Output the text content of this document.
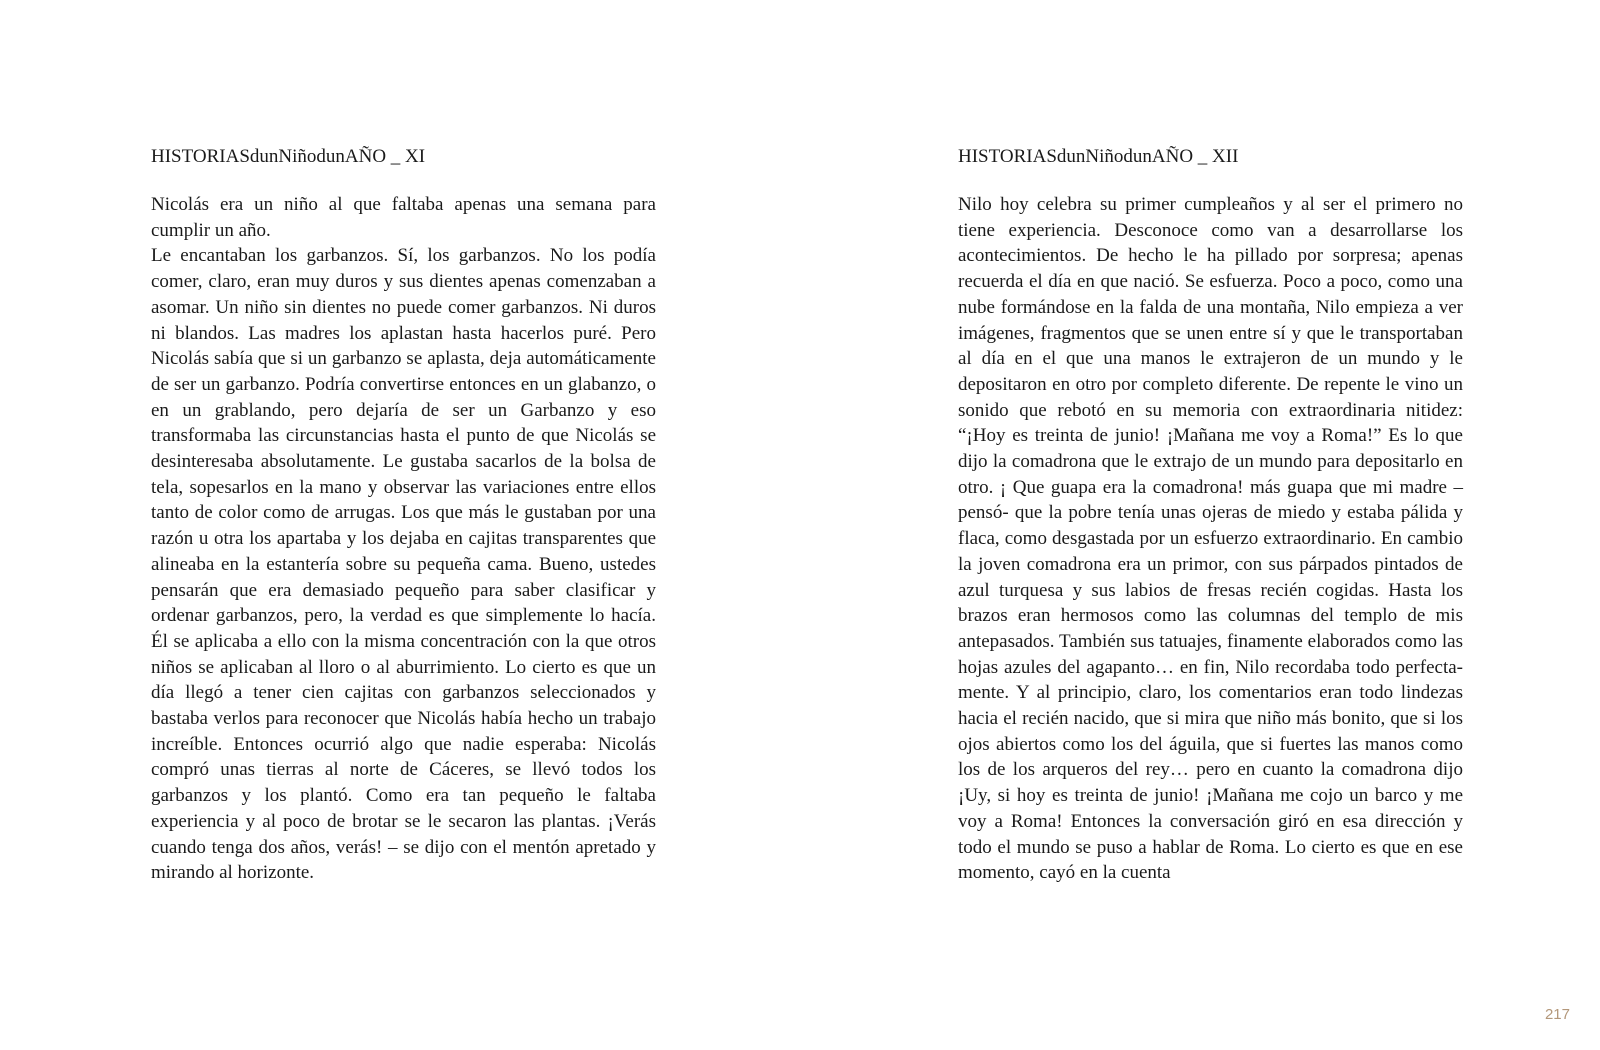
HISTORIASdunNiñodunAÑO _ XI

Nicolás era un niño al que faltaba apenas una semana para cumplir un año.

Le encantaban los garbanzos. Sí, los garbanzos. No los podía comer, claro, eran muy duros y sus dientes apenas comenzaban a asomar. Un niño sin dientes no puede comer garbanzos. Ni duros ni blandos. Las madres los aplastan hasta hacerlos puré. Pero Nicolás sabía que si un garbanzo se aplasta, deja automáticamente de ser un garbanzo. Podría convertirse entonces en un glabanzo, o en un grablando, pero dejaría de ser un Garbanzo y eso transformaba las circunstancias hasta el punto de que Nicolás se desinteresaba absolutamente. Le gustaba sacarlos de la bolsa de tela, sopesarlos en la mano y observar las variaciones entre ellos tanto de color como de arrugas. Los que más le gustaban por una razón u otra los apartaba y los dejaba en cajitas transparentes que alineaba en la estantería sobre su pequeña cama. Bueno, ustedes pensarán que era demasiado pequeño para saber clasificar y ordenar garbanzos, pero, la verdad es que simplemente lo hacía. Él se aplicaba a ello con la misma concentración con la que otros niños se aplicaban al lloro o al aburrimiento. Lo cierto es que un día llegó a tener cien cajitas con garbanzos seleccionados y bastaba verlos para reconocer que Nicolás había hecho un trabajo increíble. Entonces ocurrió algo que nadie esperaba: Nicolás compró unas tierras al norte de Cáceres, se llevó todos los garbanzos y los plantó. Como era tan pequeño le faltaba experiencia y al poco de brotar se le secaron las plantas. ¡Verás cuando tenga dos años, verás! – se dijo con el mentón apretado y mirando al horizonte.

HISTORIASdunNiñodunAÑO _ XII

Nilo hoy celebra su primer cumpleaños y al ser el primero no tiene experiencia. Desconoce como van a desarrollarse los acontecimientos. De hecho le ha pillado por sorpresa; apenas recuerda el día en que nació. Se esfuerza. Poco a poco, como una nube formándose en la falda de una montaña, Nilo empieza a ver imágenes, fragmentos que se unen entre sí y que le transportaban al día en el que una manos le extrajeron de un mundo y le depositaron en otro por completo diferente. De repente le vino un sonido que rebotó en su memoria con extraordinaria nitidez: “¡Hoy es treinta de junio! ¡Mañana me voy a Roma!” Es lo que dijo la comadrona que le extrajo de un mundo para depositarlo en otro. ¡ Que guapa era la comadrona! más guapa que mi madre –pensó- que la pobre tenía unas ojeras de miedo y estaba pálida y flaca, como desgastada por un esfuerzo extraordinario. En cambio la joven comadrona era un primor, con sus párpados pintados de azul turquesa y sus labios de fresas recién cogidas. Hasta los brazos eran hermosos como las columnas del templo de mis antepasados. También sus tatuajes, finamente elaborados como las hojas azules del agapanto… en fin, Nilo recordaba todo perfectamente. Y al principio, claro, los comentarios eran todo lindezas hacia el recién nacido, que si mira que niño más bonito, que si los ojos abiertos como los del águila, que si fuertes las manos como los de los arqueros del rey… pero en cuanto la comadrona dijo ¡Uy, si hoy es treinta de junio! ¡Mañana me cojo un barco y me voy a Roma! Entonces la conversación giró en esa dirección y todo el mundo se puso a hablar de Roma. Lo cierto es que en ese momento, cayó en la cuenta

217
